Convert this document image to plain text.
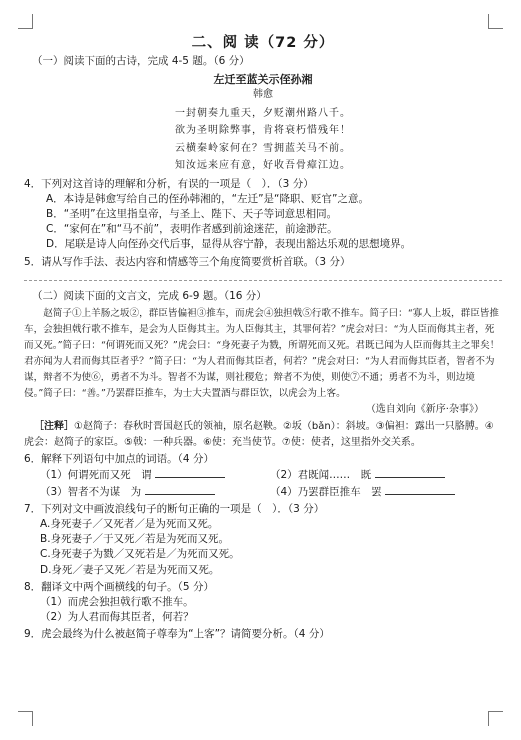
二、阅 读（72 分）
（一）阅读下面的古诗，完成 4-5 题。（6 分）
左迁至蓝关示侄孙湘
韩愈
一封朝奏九重天，夕贬潮州路八千。
欲为圣明除弊事，肯将衰朽惜残年！
云横秦岭家何在？雪拥蓝关马不前。
知汝远来应有意，好收吾骨瘴江边。
4．下列对这首诗的理解和分析，有误的一项是（　）．（3 分）
A．本诗是韩愈写给自己的侄孙韩湘的，“左迁”是“降职、贬官”之意。
B．“圣明”在这里指皇帝，与圣上、陛下、天子等词意思相同。
C．“家何在”和“马不前”，表明作者感到前途迷茫，前途渺茫。
D．尾联是诗人向侄孙交代后事，显得从容宁静，表现出豁达乐观的思想境界。
5．请从写作手法、表达内容和情感等三个角度简要赏析首联。（3 分）
（二）阅读下面的文言文，完成 6-9 题。（16 分）
赵简子①上羊肠之坂②，群臣皆偏袒③推车，而虎会④独担戟⑤行歌不推车。简子曰：“寡人上坂，群臣皆推车，会独担戟行歌不推车，是会为人臣侮其主。为人臣侮其主，其罪何若？”虎会对曰：“为人臣而侮其主者，死而又死。”简子曰：“何谓死而又死？”虎会曰：“身死妻子为戮，所谓死而又死。君既已闻为人臣而侮其主之罪矣！君亦闻为人君而侮其臣者乎？”简子曰：“为人君而侮其臣者，何若？”虎会对曰：“为人君而侮其臣者，智者不为谋，辩者不为使⑥，勇者不为斗。智者不为谋，则社稷危；辩者不为使，则使⑦不通；勇者不为斗，则边境侵。”简子曰：“善。”乃罢群臣推车，为士大夫置酒与群臣饮，以虎会为上客。
（选自刘向《新序·杂事》）
［注释］①赵简子：春秋时晋国赵氏的领袖，原名赵鞅。②坂（bǎn）：斜坡。③偏袒：露出一只胳膊。④虎会：赵简子的家臣。⑤戟：一种兵器。⑥使：充当使节。⑦使：使者，这里指外交关系。
6．解释下列语句中加点的词语。（4 分）
（1）何谓死而又死　谓	（2）君既闻……　既
（3）智者不为谋　为	（4）乃罢群臣推车　罢
7．下列对文中画波浪线句子的断句正确的一项是（　）．（3 分）
A.身死妻子／又死者／是为死而又死。
B.身死妻子／于又死／若是为死而又死。
C.身死妻子为戮／又死若是／为死而又死。
D.身死／妻子又死／若是为死而又死。
8．翻译文中两个画横线的句子。（5 分）
（1）而虎会独担戟行歌不推车。
（2）为人君而侮其臣者，何若？
9．虎会最终为什么被赵简子尊奉为“上客”？请简要分析。（4 分）
